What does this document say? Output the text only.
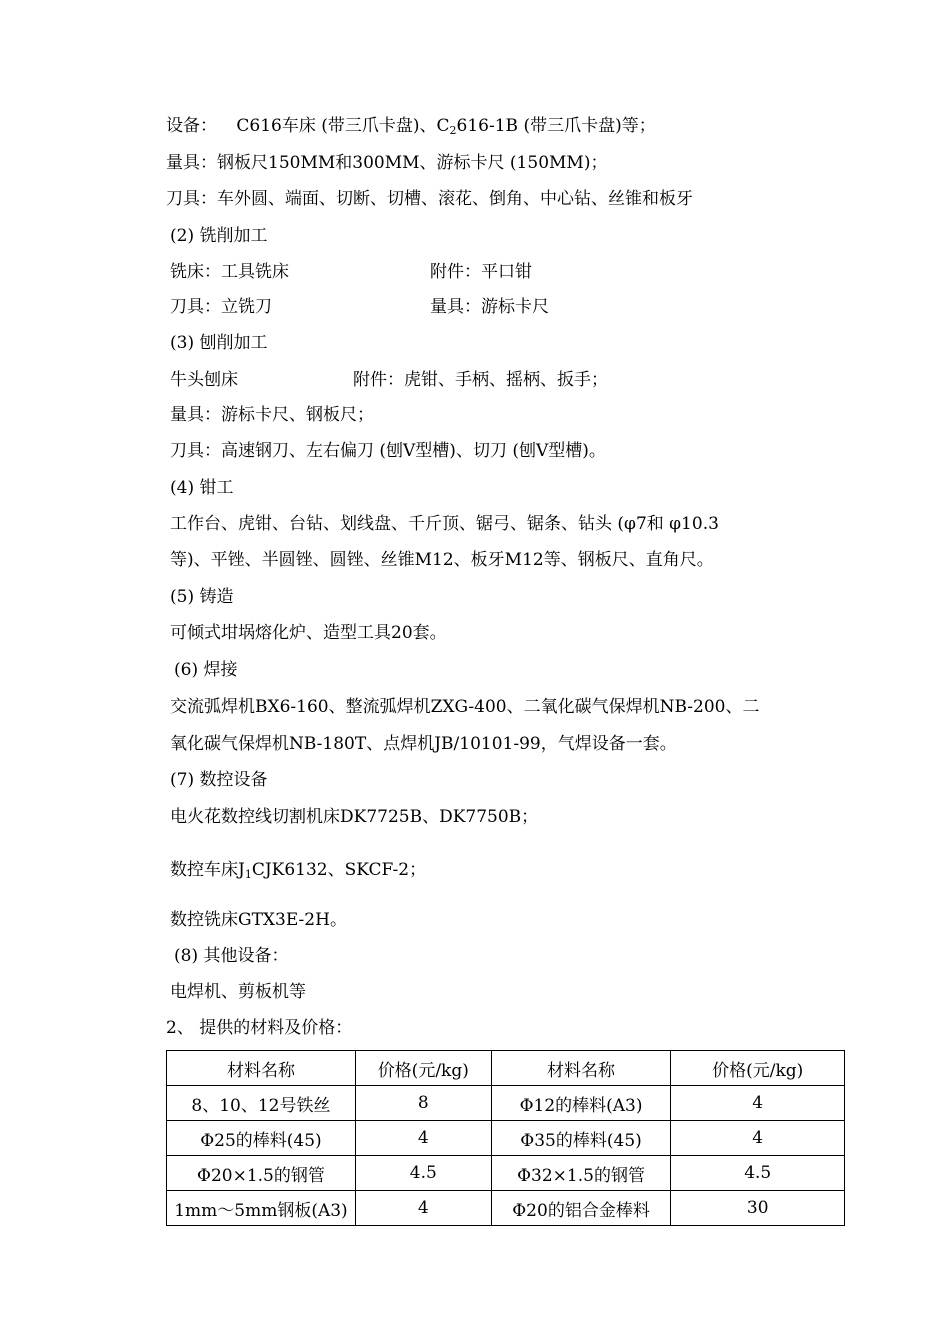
设备： C616车床 (带三爪卡盘)、$C_2616-1B$ (带三爪卡盘)等；
量具：钢板尺150MM和300MM、游标卡尺 (150MM)；
刀具：车外圆、端面、切断、切槽、滚花、倒角、中心钻、丝锥和板牙
(2) 铣削加工
铣床：工具铣床	附件：平口钳
刀具：立铣刀	量具：游标卡尺
(3) 刨削加工
牛头刨床	附件：虎钳、手柄、摇柄、扳手；
量具：游标卡尺、钢板尺；
刀具：高速钢刀、左右偏刀 (刨V型槽)、切刀 (刨V型槽)。
(4) 钳工
工作台、虎钳、台钻、划线盘、千斤顶、锯弓、锯条、钻头 (φ7和 φ10.3
等)、平锉、半圆锉、圆锉、丝锥M12、板牙M12等、钢板尺、直角尺。
(5) 铸造
可倾式坩埚熔化炉、造型工具20套。
(6) 焊接
交流弧焊机BX6-160、整流弧焊机ZXG-400、二氧化碳气保焊机NB-200、二
氧化碳气保焊机NB-180T、点焊机JB/10101-99，气焊设备一套。
(7) 数控设备
电火花数控线切割机床DK7725B、DK7750B；
数控车床$J_1CJK6132$、SKCF-2；
数控铣床GTX3E-2H。
(8) 其他设备：
电焊机、剪板机等
2、 提供的材料及价格：
材料名称	价格(元/kg)	材料名称	价格(元/kg)
8、10、12号铁丝	8	Φ12的棒料(A3)	4
Φ25的棒料(45)	4	Φ35的棒料(45)	4
Φ20×1.5的钢管	4.5	Φ32×1.5的钢管	4.5
1mm～5mm钢板(A3)	4	Φ20的铝合金棒料	30
